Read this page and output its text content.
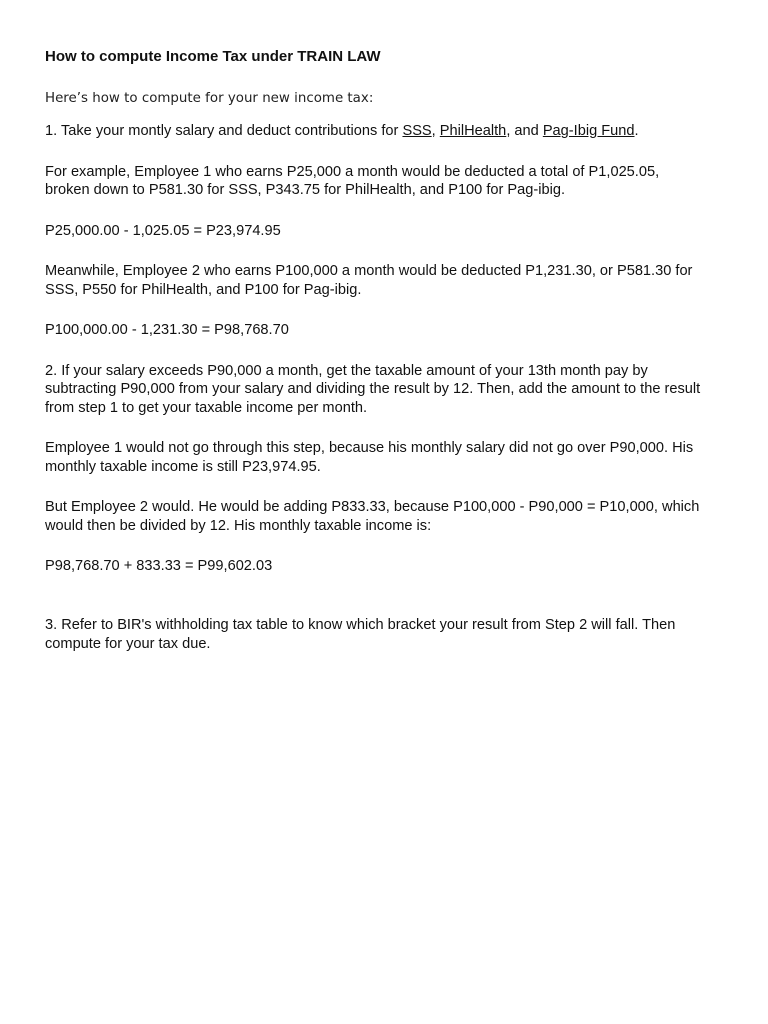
How to compute Income Tax under TRAIN LAW

Here’s how to compute for your new income tax:

1. Take your montly salary and deduct contributions for SSS, PhilHealth, and Pag-Ibig Fund.

For example, Employee 1 who earns P25,000 a month would be deducted a total of P1,025.05,

broken down to P581.30 for SSS, P343.75 for PhilHealth, and P100 for Pag-ibig.

P25,000.00 - 1,025.05 = P23,974.95

Meanwhile, Employee 2 who earns P100,000 a month would be deducted P1,231.30, or P581.30 for

SSS, P550 for PhilHealth, and P100 for Pag-ibig.

P100,000.00 - 1,231.30 = P98,768.70

2. If your salary exceeds P90,000 a month, get the taxable amount of your 13th month pay by

subtracting P90,000 from your salary and dividing the result by 12. Then, add the amount to the result

from step 1 to get your taxable income per month.

Employee 1 would not go through this step, because his monthly salary did not go over P90,000. His

monthly taxable income is still P23,974.95.

But Employee 2 would. He would be adding P833.33, because P100,000 - P90,000 = P10,000, which

would then be divided by 12. His monthly taxable income is:

P98,768.70 + 833.33 = P99,602.03

3. Refer to BIR's withholding tax table to know which bracket your result from Step 2 will fall. Then

compute for your tax due.
